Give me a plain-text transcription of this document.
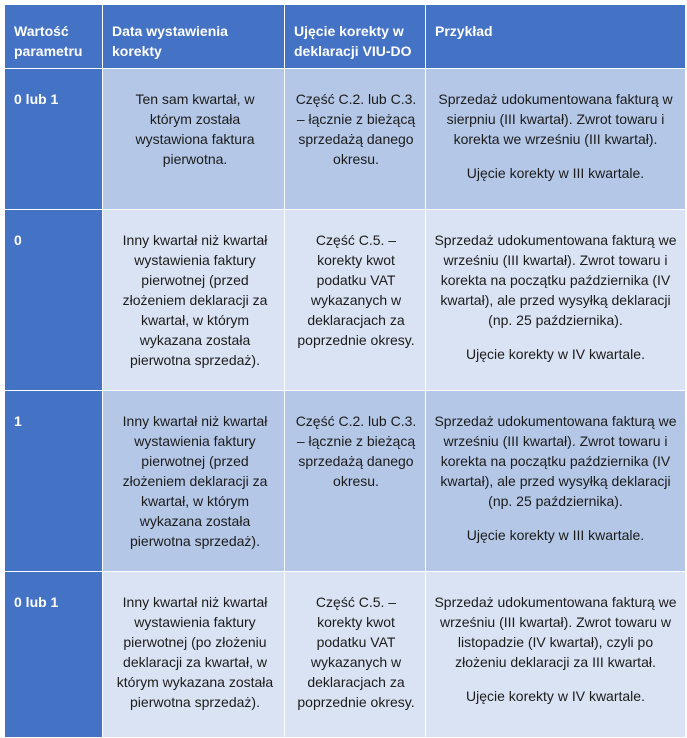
Wartość parametru	Data wystawienia korekty	Ujęcie korekty w deklaracji VIU-DO	Przykład

0 lub 1	Ten sam kwartał, w którym została wystawiona faktura pierwotna.	Część C.2. lub C.3. – łącznie z bieżącą sprzedażą danego okresu.	Sprzedaż udokumentowana fakturą w sierpniu (III kwartał). Zwrot towaru i korekta we wrześniu (III kwartał).
Ujęcie korekty w III kwartale.

0	Inny kwartał niż kwartał wystawienia faktury pierwotnej (przed złożeniem deklaracji za kwartał, w którym wykazana została pierwotna sprzedaż).	Część C.5. – korekty kwot podatku VAT wykazanych w deklaracjach za poprzednie okresy.	Sprzedaż udokumentowana fakturą we wrześniu (III kwartał). Zwrot towaru i korekta na początku października (IV kwartał), ale przed wysyłką deklaracji (np. 25 października).
Ujęcie korekty w IV kwartale.

1	Inny kwartał niż kwartał wystawienia faktury pierwotnej (przed złożeniem deklaracji za kwartał, w którym wykazana została pierwotna sprzedaż).	Część C.2. lub C.3. – łącznie z bieżącą sprzedażą danego okresu.	Sprzedaż udokumentowana fakturą we wrześniu (III kwartał). Zwrot towaru i korekta na początku października (IV kwartał), ale przed wysyłką deklaracji (np. 25 października).
Ujęcie korekty w III kwartale.

0 lub 1	Inny kwartał niż kwartał wystawienia faktury pierwotnej (po złożeniu deklaracji za kwartał, w którym wykazana została pierwotna sprzedaż).	Część C.5. – korekty kwot podatku VAT wykazanych w deklaracjach za poprzednie okresy.	Sprzedaż udokumentowana fakturą we wrześniu (III kwartał). Zwrot towaru w listopadzie (IV kwartał), czyli po złożeniu deklaracji za III kwartał.
Ujęcie korekty w IV kwartale.
